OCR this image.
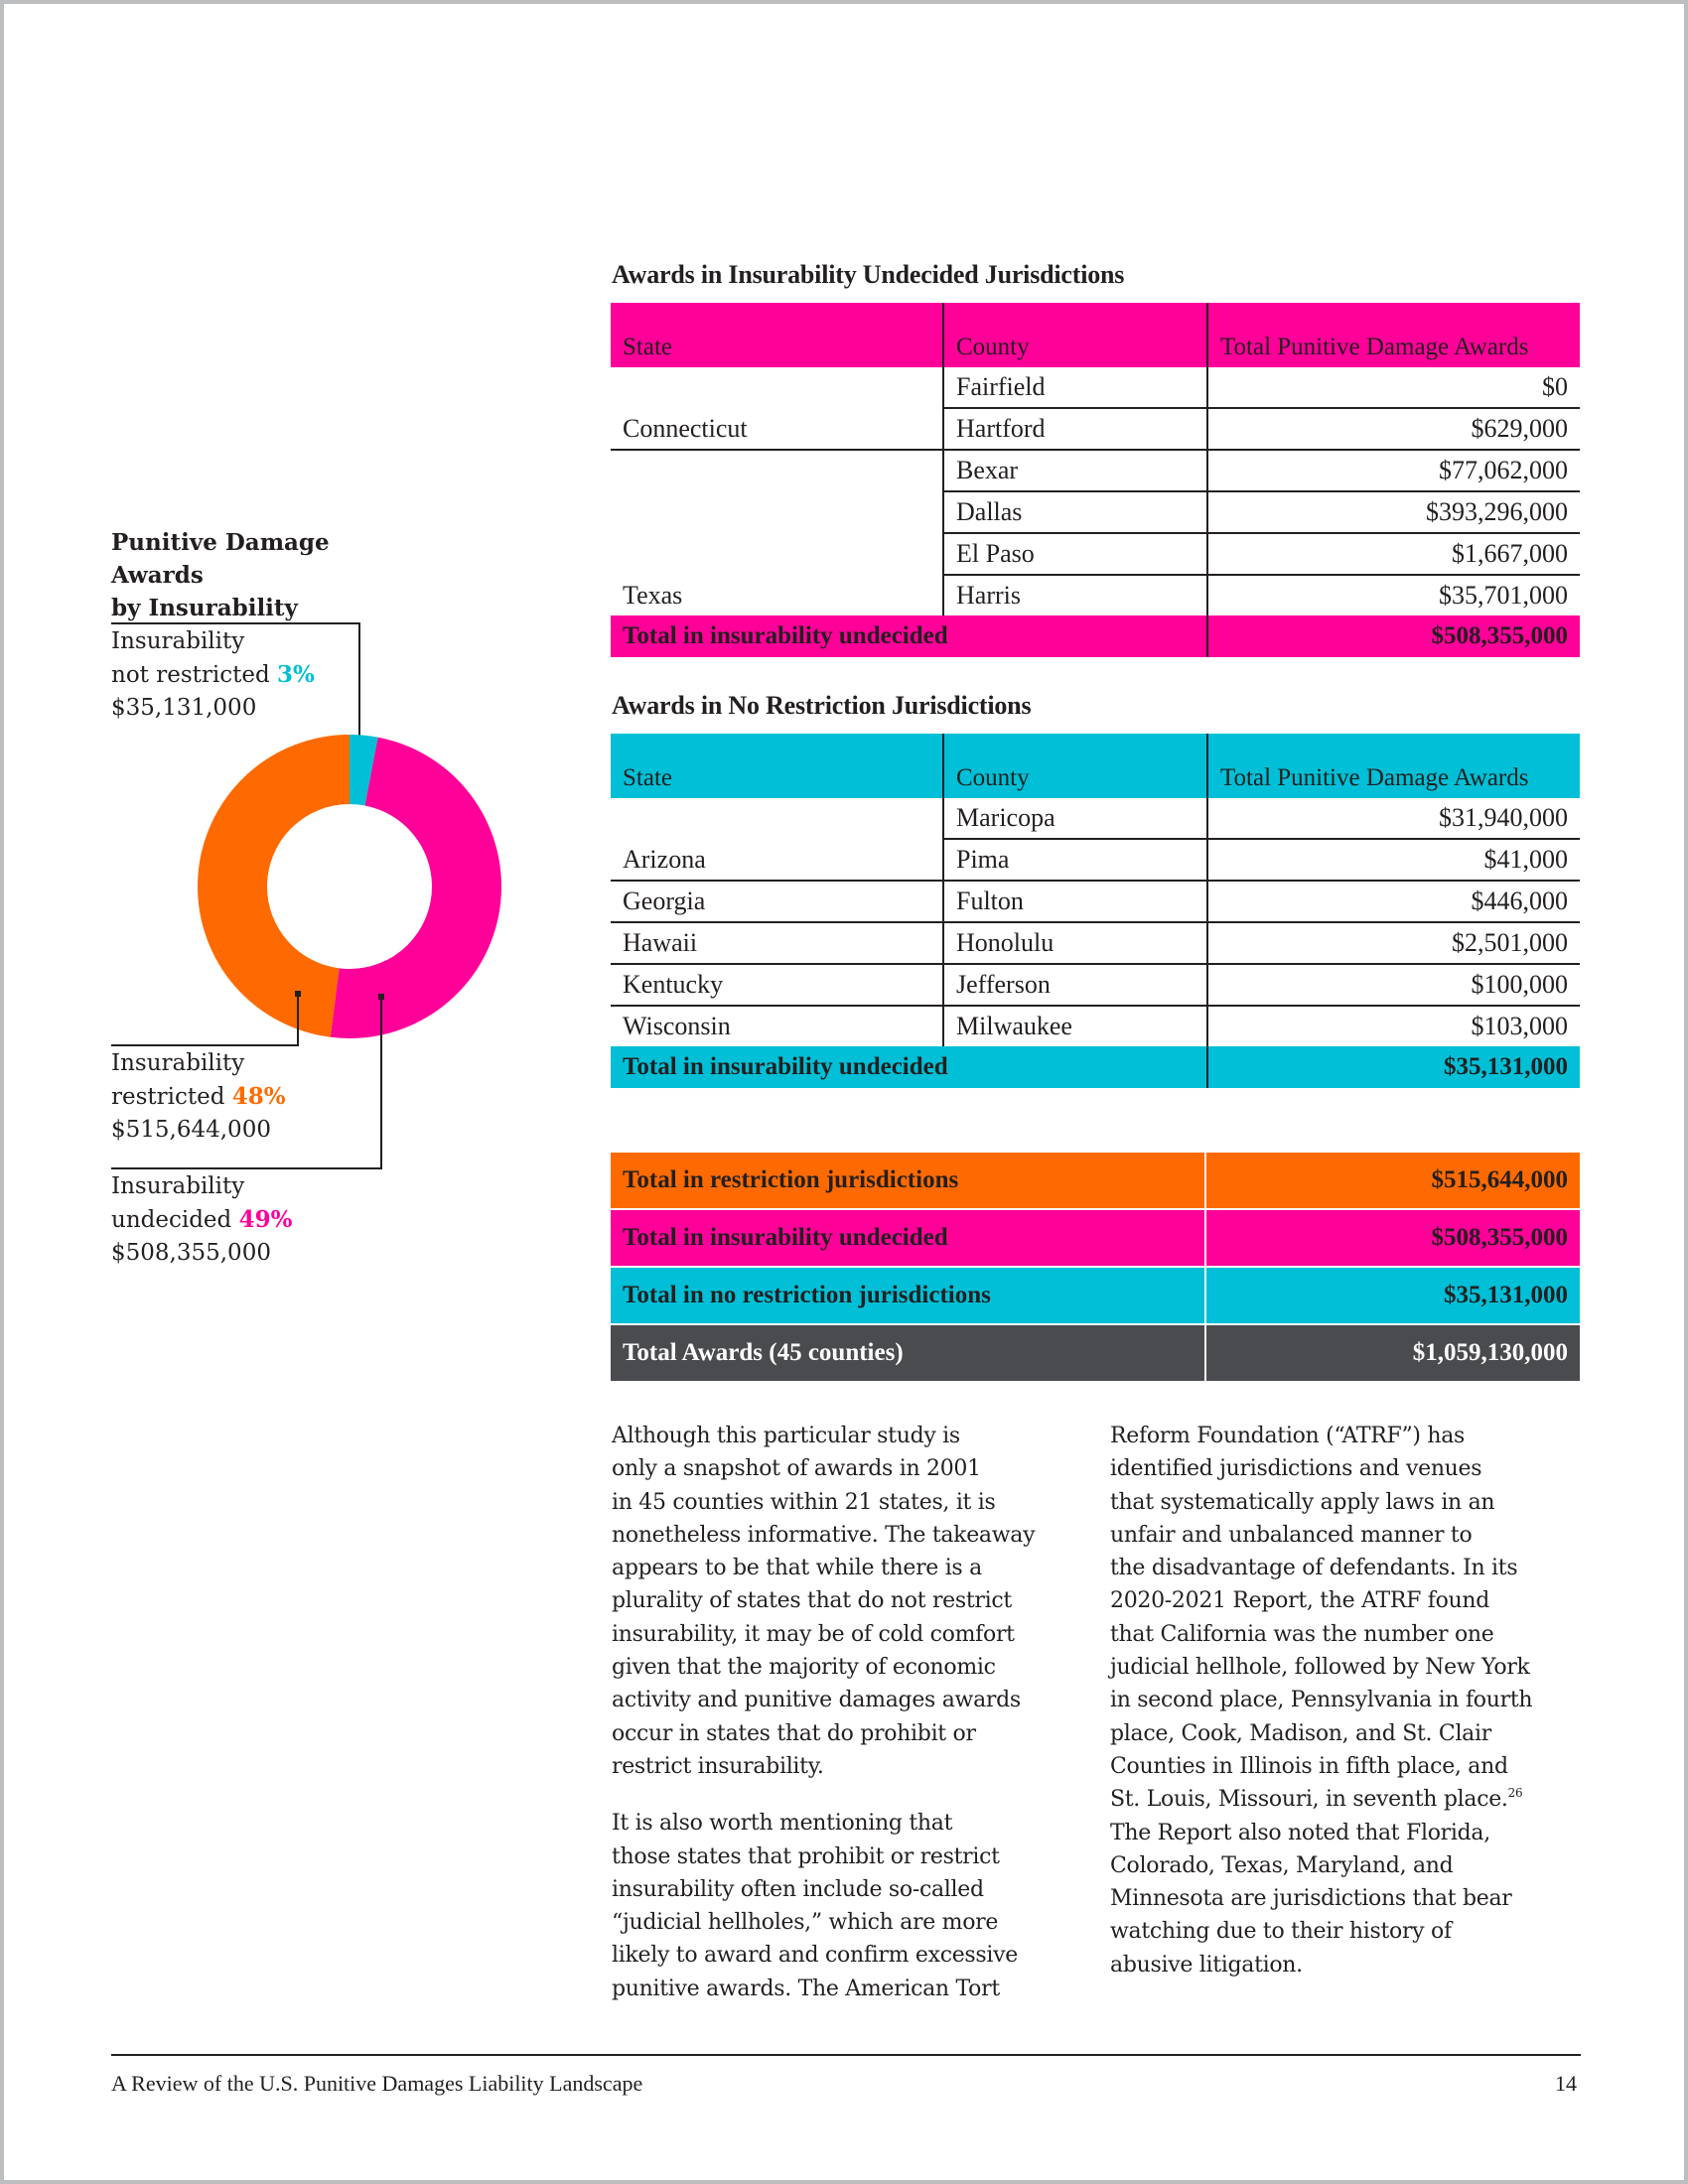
Punitive Damage Awards
by Insurability
Insurability
not restricted 3%
$35,131,000
Insurability
restricted 48%
$515,644,000
Insurability
undecided 49%
$508,355,000
Awards in Insurability Undecided Jurisdictions
State	County	Total Punitive Damage Awards
	Fairfield	$0
Connecticut	Hartford	$629,000
	Bexar	$77,062,000
	Dallas	$393,296,000
	El Paso	$1,667,000
Texas	Harris	$35,701,000
Total in insurability undecided		$508,355,000
Awards in No Restriction Jurisdictions
State	County	Total Punitive Damage Awards
	Maricopa	$31,940,000
Arizona	Pima	$41,000
Georgia	Fulton	$446,000
Hawaii	Honolulu	$2,501,000
Kentucky	Jefferson	$100,000
Wisconsin	Milwaukee	$103,000
Total in insurability undecided		$35,131,000
Total in restriction jurisdictions	$515,644,000
Total in insurability undecided	$508,355,000
Total in no restriction jurisdictions	$35,131,000
Total Awards (45 counties)	$1,059,130,000

Although this particular study is
only a snapshot of awards in 2001
in 45 counties within 21 states, it is
nonetheless informative. The takeaway
appears to be that while there is a
plurality of states that do not restrict
insurability, it may be of cold comfort
given that the majority of economic
activity and punitive damages awards
occur in states that do prohibit or
restrict insurability.

It is also worth mentioning that
those states that prohibit or restrict
insurability often include so-called
“judicial hellholes,” which are more
likely to award and confirm excessive
punitive awards. The American Tort

Reform Foundation (“ATRF”) has
identified jurisdictions and venues
that systematically apply laws in an
unfair and unbalanced manner to
the disadvantage of defendants. In its
2020-2021 Report, the ATRF found
that California was the number one
judicial hellhole, followed by New York
in second place, Pennsylvania in fourth
place, Cook, Madison, and St. Clair
Counties in Illinois in fifth place, and
St. Louis, Missouri, in seventh place.$^{26}$
The Report also noted that Florida,
Colorado, Texas, Maryland, and
Minnesota are jurisdictions that bear
watching due to their history of
abusive litigation.

A Review of the U.S. Punitive Damages Liability Landscape	14
